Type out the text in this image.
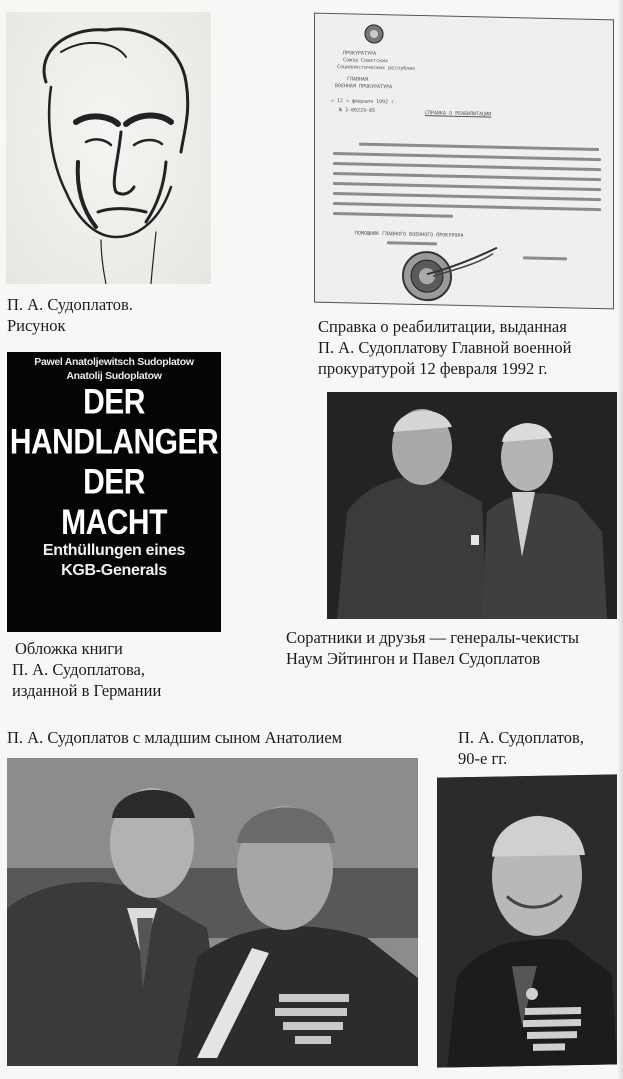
П. А. Судоплатов.
Рисунок
ПРОКУРАТУРА
Союза Советских
Социалистических республик
ГЛАВНАЯ
ВОЕННАЯ ПРОКУРАТУРА
« 12 » февраля 1992 г.
№ 3-80229-05	СПРАВКА О РЕАБИЛИТАЦИИ
ПОМОЩНИК ГЛАВНОГО ВОЕННОГО ПРОКУРОРА
Справка о реабилитации, выданная
П. А. Судоплатову Главной военной
прокуратурой 12 февраля 1992 г.
Pawel Anatoljewitsch Sudoplatow
Anatolij Sudoplatow
DER
HANDLANGER
DER
MACHT
Enthüllungen eines
KGB-Generals
Обложка книги
П. А. Судоплатова,
изданной в Германии
Соратники и друзья — генералы-чекисты
Наум Эйтингон и Павел Судоплатов
П. А. Судоплатов с младшим сыном Анатолием	П. А. Судоплатов,
90-е гг.
